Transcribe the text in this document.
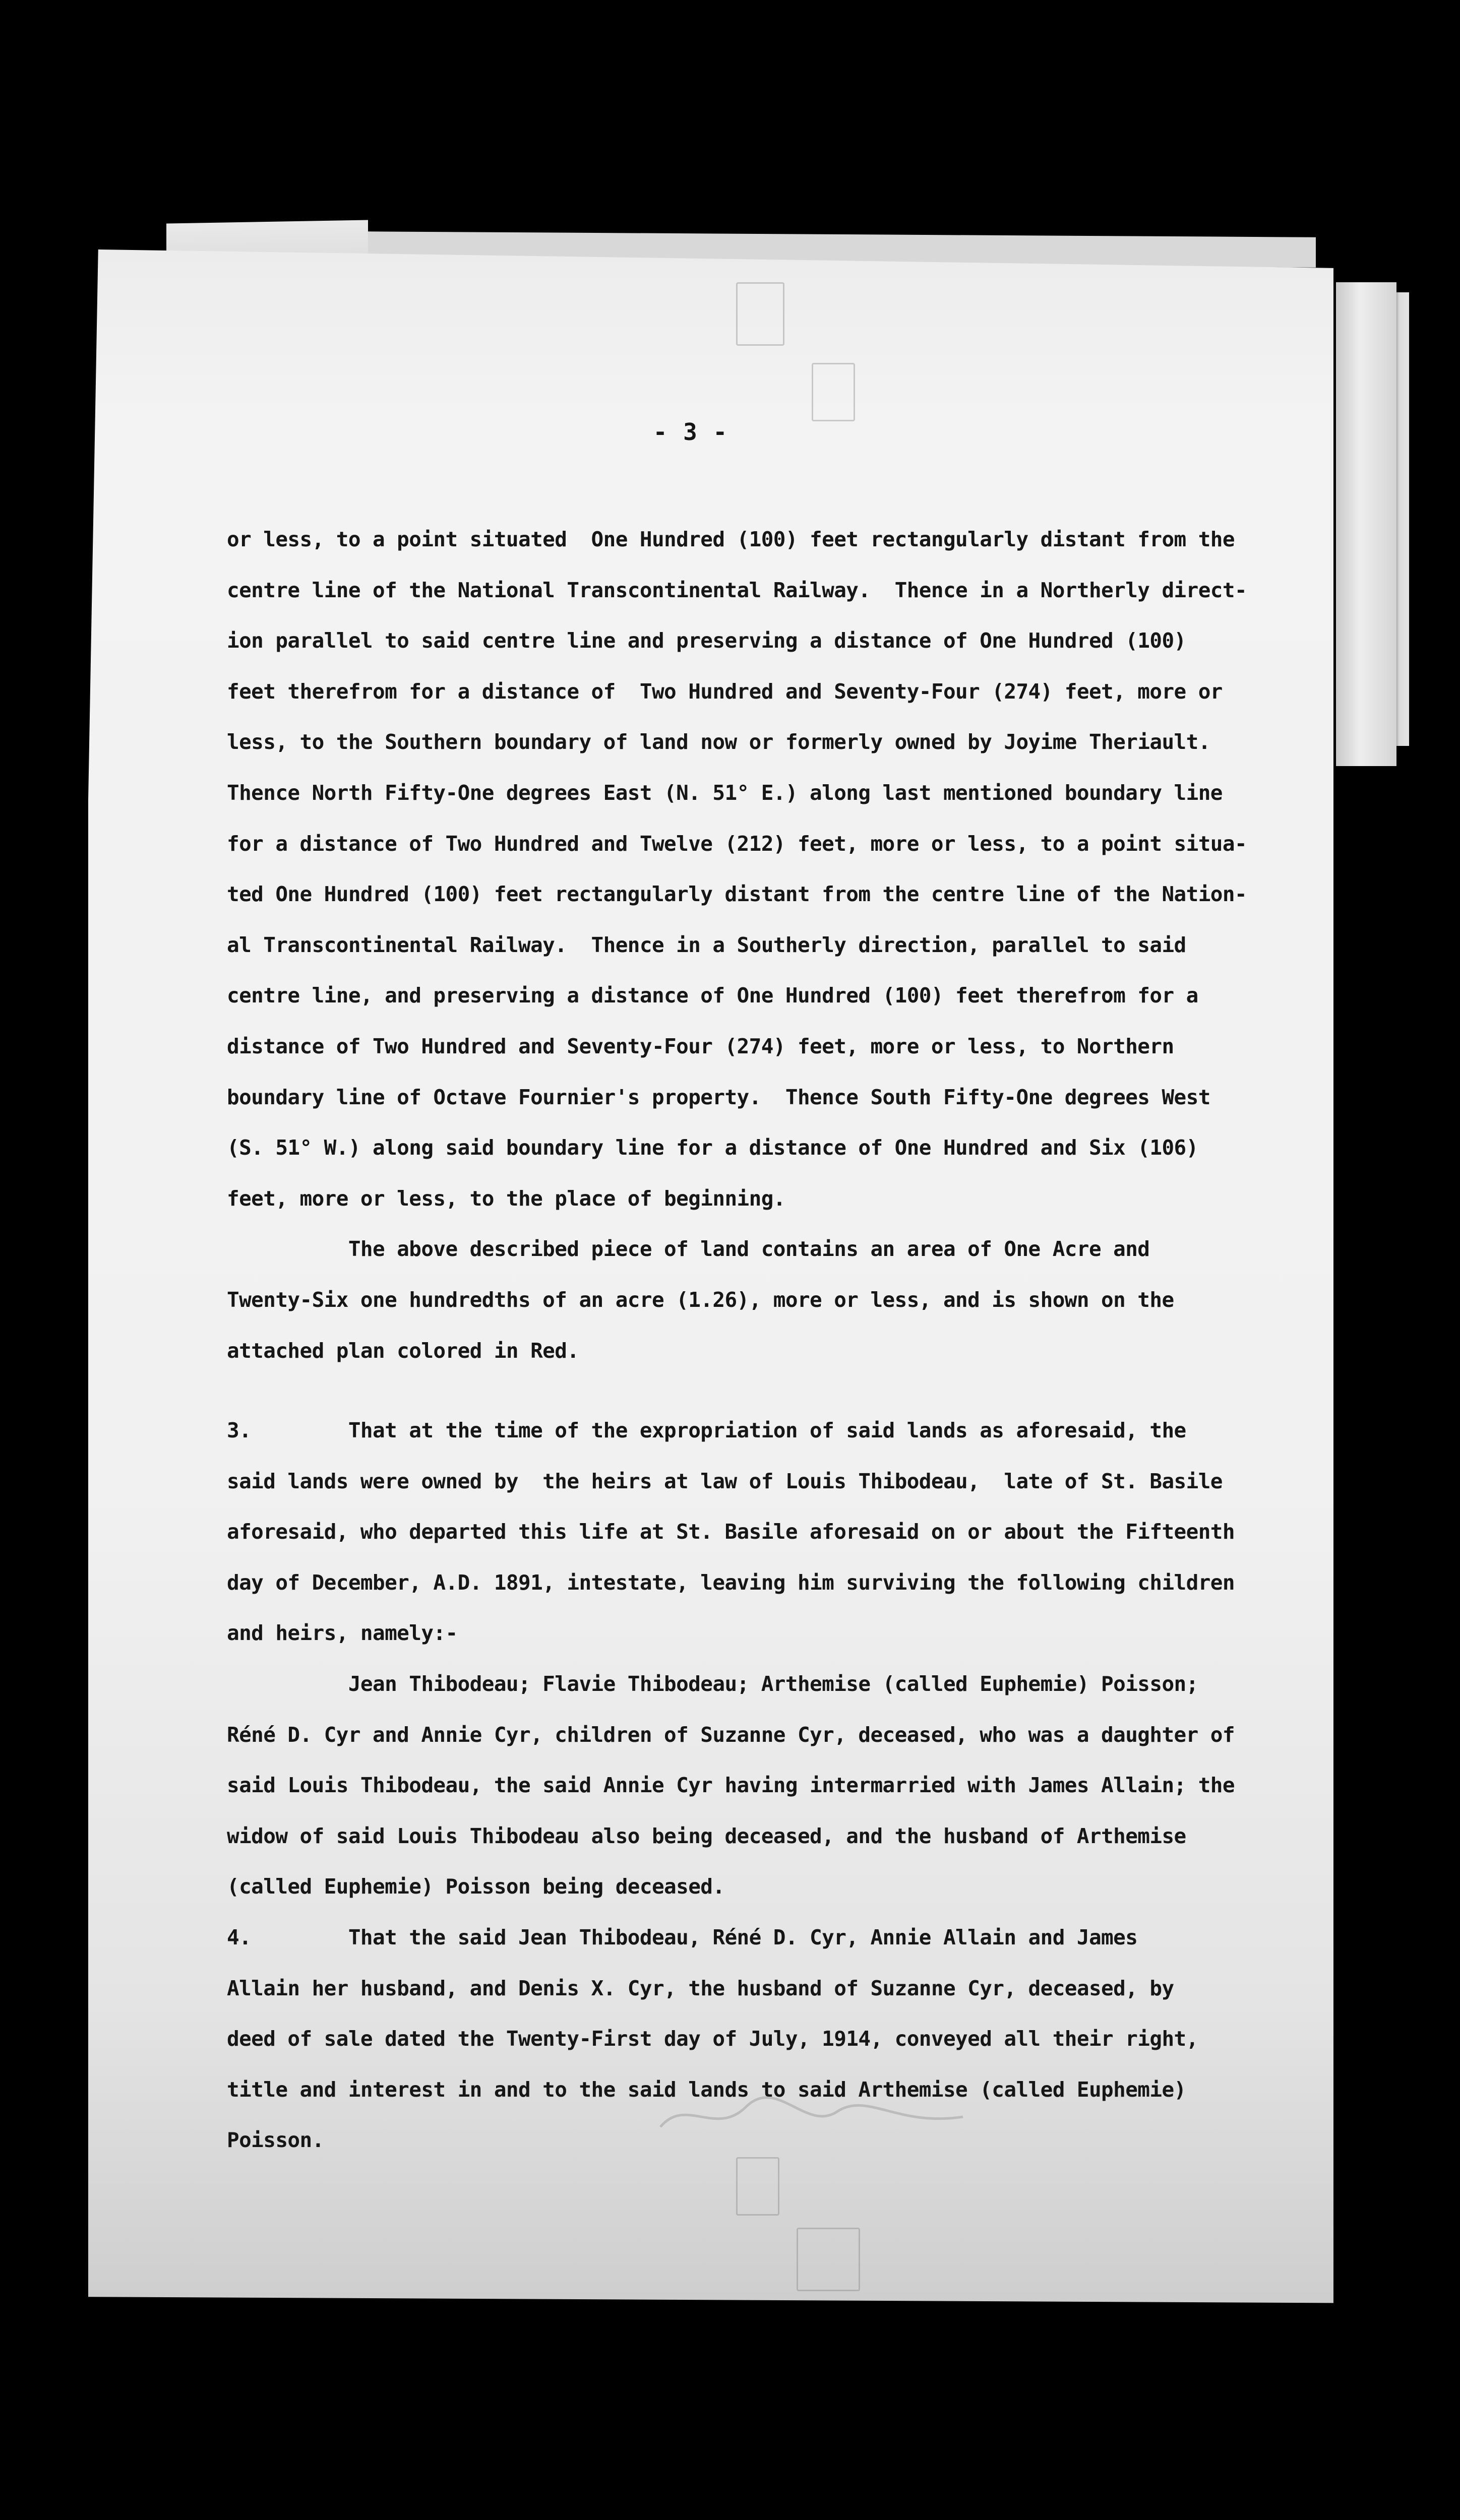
- 3 -
or less, to a point situated  One Hundred (100) feet rectangularly distant from the
centre line of the National Transcontinental Railway.  Thence in a Northerly direct-
ion parallel to said centre line and preserving a distance of One Hundred (100)
feet therefrom for a distance of  Two Hundred and Seventy-Four (274) feet, more or
less, to the Southern boundary of land now or formerly owned by Joyime Theriault.
Thence North Fifty-One degrees East (N. 51° E.) along last mentioned boundary line
for a distance of Two Hundred and Twelve (212) feet, more or less, to a point situa-
ted One Hundred (100) feet rectangularly distant from the centre line of the Nation-
al Transcontinental Railway.  Thence in a Southerly direction, parallel to said
centre line, and preserving a distance of One Hundred (100) feet therefrom for a
distance of Two Hundred and Seventy-Four (274) feet, more or less, to Northern
boundary line of Octave Fournier's property.  Thence South Fifty-One degrees West
(S. 51° W.) along said boundary line for a distance of One Hundred and Six (106)
feet, more or less, to the place of beginning.
The above described piece of land contains an area of One Acre and
Twenty-Six one hundredths of an acre (1.26), more or less, and is shown on the
attached plan colored in Red.
3.        That at the time of the expropriation of said lands as aforesaid, the
said lands were owned by  the heirs at law of Louis Thibodeau,  late of St. Basile
aforesaid, who departed this life at St. Basile aforesaid on or about the Fifteenth
day of December, A.D. 1891, intestate, leaving him surviving the following children
and heirs, namely:-
Jean Thibodeau; Flavie Thibodeau; Arthemise (called Euphemie) Poisson;
Réné D. Cyr and Annie Cyr, children of Suzanne Cyr, deceased, who was a daughter of
said Louis Thibodeau, the said Annie Cyr having intermarried with James Allain; the
widow of said Louis Thibodeau also being deceased, and the husband of Arthemise
(called Euphemie) Poisson being deceased.
4.        That the said Jean Thibodeau, Réné D. Cyr, Annie Allain and James
Allain her husband, and Denis X. Cyr, the husband of Suzanne Cyr, deceased, by
deed of sale dated the Twenty-First day of July, 1914, conveyed all their right,
title and interest in and to the said lands to said Arthemise (called Euphemie)
Poisson.
